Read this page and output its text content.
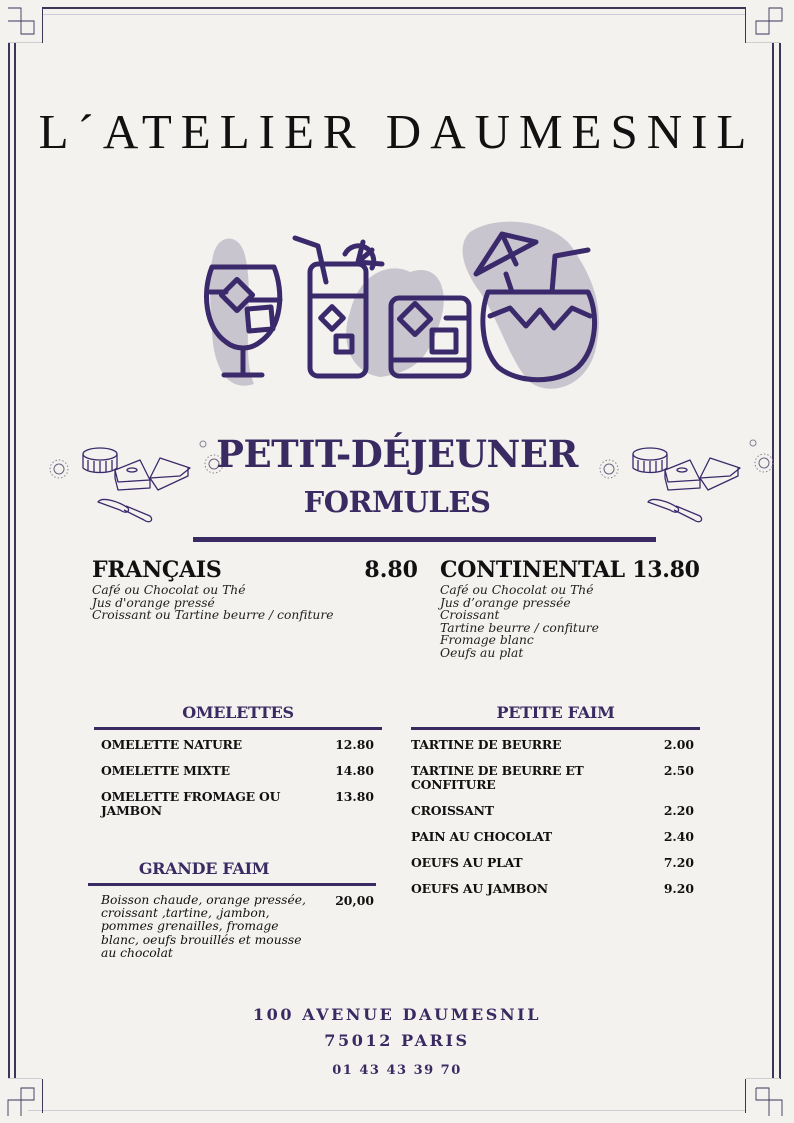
L´ATELIER DAUMESNIL
PETIT-DÉJEUNER
FORMULES
FRANÇAIS	8.80
Café ou Chocolat ou Thé
Jus d'orange pressé
Croissant ou Tartine beurre / confiture
CONTINENTAL 13.80
Café ou Chocolat ou Thé
Jus d’orange pressée
Croissant
Tartine beurre / confiture
Fromage blanc
Oeufs au plat
OMELETTES
OMELETTE NATURE	12.80
OMELETTE MIXTE	14.80
OMELETTE FROMAGE OU JAMBON
13.80
PETITE FAIM
TARTINE DE BEURRE	2.00
TARTINE DE BEURRE ET CONFITURE
2.50
CROISSANT	2.20
PAIN AU CHOCOLAT	2.40
OEUFS AU PLAT	7.20
OEUFS AU JAMBON	9.20
GRANDE FAIM
Boisson chaude, orange pressée, croissant ,tartine, ,jambon, pommes grenailles, fromage blanc, oeufs brouillés et mousse au chocolat
20,00
100 AVENUE DAUMESNIL
75012 PARIS
01 43 43 39 70
